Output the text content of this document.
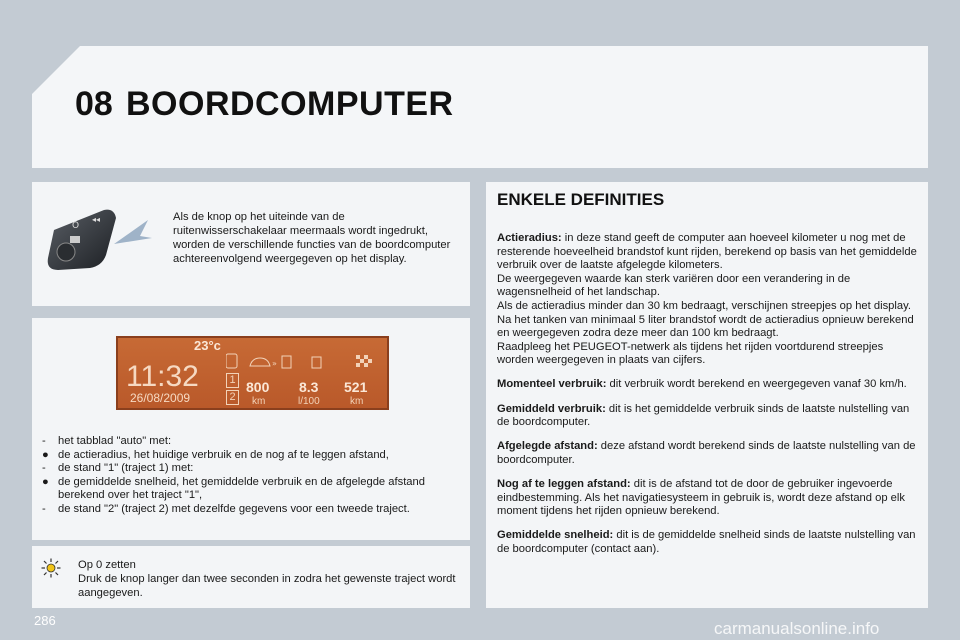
08 BOORDCOMPUTER
O
◂◂	Als de knop op het uiteinde van de ruitenwisserschakelaar meermaals wordt ingedrukt, worden de verschillende functies van de boordcomputer achtereenvolgend weergegeven op het display.
23°c
11:32
26/08/2009
»
1
2
800
km
8.3
l/100
521
km
- het tabblad "auto" met:
● de actieradius, het huidige verbruik en de nog af te leggen afstand,
- de stand "1" (traject 1) met:
● de gemiddelde snelheid, het gemiddelde verbruik en de afgelegde afstand berekend over het traject "1",
- de stand "2" (traject 2) met dezelfde gegevens voor een tweede traject.
Op 0 zetten
Druk de knop langer dan twee seconden in zodra het gewenste traject wordt aangegeven.
ENKELE DEFINITIES

Actieradius: in deze stand geeft de computer aan hoeveel kilometer u nog met de resterende hoeveelheid brandstof kunt rijden, berekend op basis van het gemiddelde verbruik over de laatste afgelegde kilometers.
De weergegeven waarde kan sterk variëren door een verandering in de wagensnelheid of het landschap.
Als de actieradius minder dan 30 km bedraagt, verschijnen streepjes op het display. Na het tanken van minimaal 5 liter brandstof wordt de actieradius opnieuw berekend en weergegeven zodra deze meer dan 100 km bedraagt.
Raadpleeg het PEUGEOT-netwerk als tijdens het rijden voortdurend streepjes worden weergegeven in plaats van cijfers.

Momenteel verbruik: dit verbruik wordt berekend en weergegeven vanaf 30 km/h.

Gemiddeld verbruik: dit is het gemiddelde verbruik sinds de laatste nulstelling van de boordcomputer.

Afgelegde afstand: deze afstand wordt berekend sinds de laatste nulstelling van de boordcomputer.

Nog af te leggen afstand: dit is de afstand tot de door de gebruiker ingevoerde eindbestemming. Als het navigatiesysteem in gebruik is, wordt deze afstand op elk moment tijdens het rijden opnieuw berekend.

Gemiddelde snelheid: dit is de gemiddelde snelheid sinds de laatste nulstelling van de boordcomputer (contact aan).

286	carmanualsonline.info
